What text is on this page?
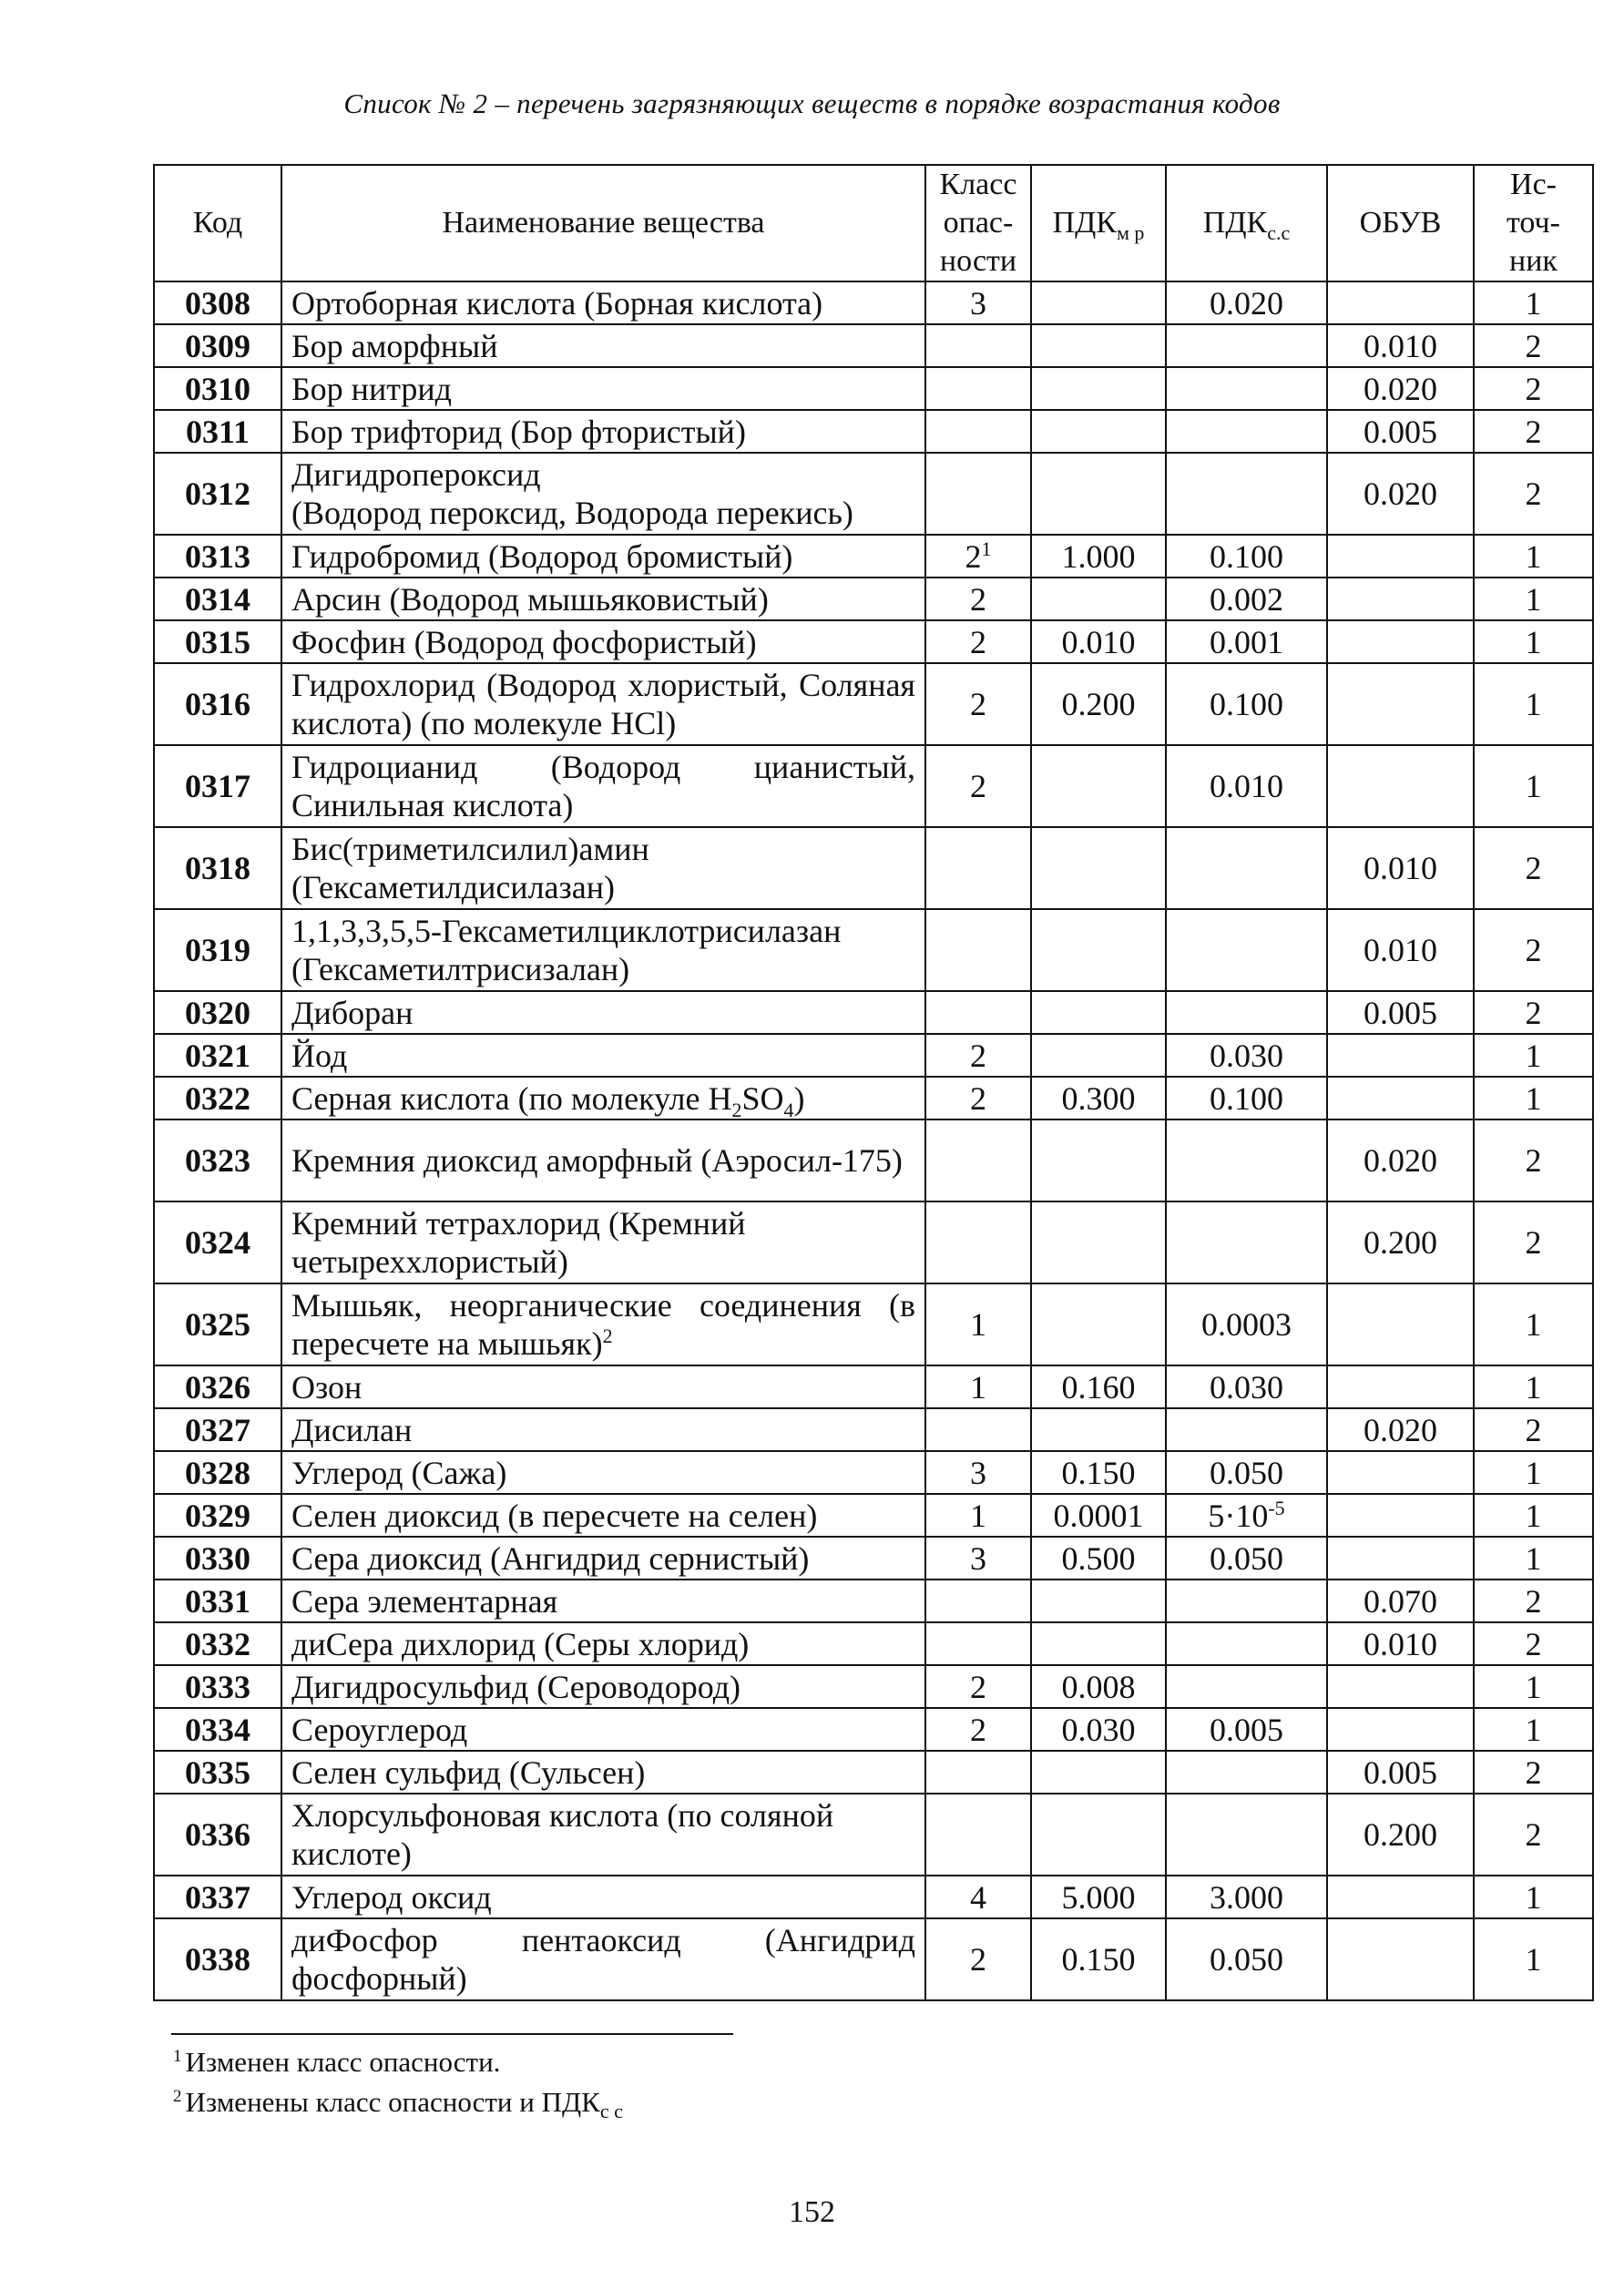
Список № 2 – перечень загрязняющих веществ в порядке возрастания кодов
Код	Наименование вещества	Класс
опас-
ности	$ПДК_{м р}$	$ПДК_{с.с}$	ОБУВ	Ис-
точ-
ник

0308	Ортоборная кислота (Борная кислота)	3		0.020		1
0309	Бор аморфный				0.010	2
0310	Бор нитрид				0.020	2
0311	Бор трифторид (Бор фтористый)				0.005	2
0312	Дигидропероксид
(Водород пероксид, Водорода перекись)				0.020	2
0313	Гидробромид (Водород бромистый)	$2^1$	1.000	0.100		1
0314	Арсин (Водород мышьяковистый)	2		0.002		1
0315	Фосфин (Водород фосфористый)	2	0.010	0.001		1
0316	Гидрохлорид (Водород хлористый, Соляная кислота) (по молекуле HCl)	2	0.200	0.100		1
0317	Гидроцианид (Водород цианистый, Синильная кислота)	2		0.010		1
0318	Бис(триметилсилил)амин
(Гексаметилдисилазан)				0.010	2
0319	1,1,3,3,5,5-Гексаметилциклотрисилазан
(Гексаметилтрисизалан)				0.010	2
0320	Диборан				0.005	2
0321	Йод	2		0.030		1
0322	Серная кислота (по молекуле $H_2SO_4$)	2	0.300	0.100		1
0323	Кремния диоксид аморфный (Аэросил-175)				0.020	2
0324	Кремний тетрахлорид (Кремний четыреххлористый)				0.200	2
0325	Мышьяк, неорганические соединения (в пересчете на мышьяк)$^2$	1		0.0003		1
0326	Озон	1	0.160	0.030		1
0327	Дисилан				0.020	2
0328	Углерод (Сажа)	3	0.150	0.050		1
0329	Селен диоксид (в пересчете на селен)	1	0.0001	$5\cdot 10^{-5}$		1
0330	Сера диоксид (Ангидрид сернистый)	3	0.500	0.050		1
0331	Сера элементарная				0.070	2
0332	диСера дихлорид (Серы хлорид)				0.010	2
0333	Дигидросульфид (Сероводород)	2	0.008			1
0334	Сероуглерод	2	0.030	0.005		1
0335	Селен сульфид (Сульсен)				0.005	2
0336	Хлорсульфоновая кислота (по соляной кислоте)				0.200	2
0337	Углерод оксид	4	5.000	3.000		1
0338	диФосфор пентаоксид (Ангидрид фосфорный)	2	0.150	0.050		1
$^1$ Изменен класс опасности.
$^2$ Изменены класс опасности и $ПДК_{с с}$
152
